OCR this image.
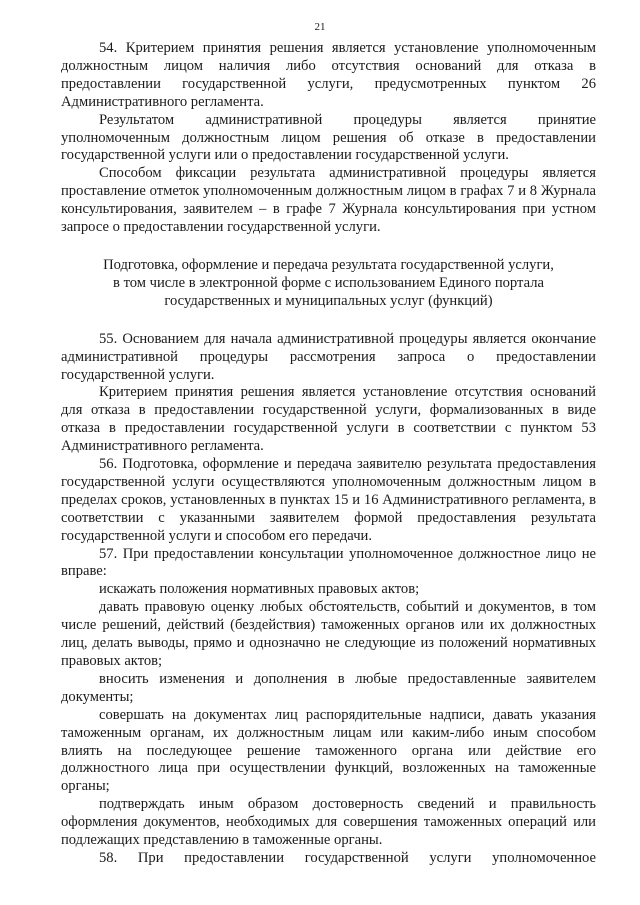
21

54. Критерием принятия решения является установление уполномоченным должностным лицом наличия либо отсутствия оснований для отказа в предоставлении государственной услуги, предусмотренных пунктом 26 Административного регламента.

Результатом административной процедуры является принятие уполномоченным должностным лицом решения об отказе в предоставлении государственной услуги или о предоставлении государственной услуги.

Способом фиксации результата административной процедуры является проставление отметок уполномоченным должностным лицом в графах 7 и 8 Журнала консультирования, заявителем – в графе 7 Журнала консультирования при устном запросе о предоставлении государственной услуги.

Подготовка, оформление и передача результата государственной услуги,
в том числе в электронной форме с использованием Единого портала
государственных и муниципальных услуг (функций)

55. Основанием для начала административной процедуры является окончание административной процедуры рассмотрения запроса о предоставлении государственной услуги.

Критерием принятия решения является установление отсутствия оснований для отказа в предоставлении государственной услуги, формализованных в виде отказа в предоставлении государственной услуги в соответствии с пунктом 53 Административного регламента.

56. Подготовка, оформление и передача заявителю результата предоставления государственной услуги осуществляются уполномоченным должностным лицом в пределах сроков, установленных в пунктах 15 и 16 Административного регламента, в соответствии с указанными заявителем формой предоставления результата государственной услуги и способом его передачи.

57. При предоставлении консультации уполномоченное должностное лицо не вправе:

искажать положения нормативных правовых актов;

давать правовую оценку любых обстоятельств, событий и документов, в том числе решений, действий (бездействия) таможенных органов или их должностных лиц, делать выводы, прямо и однозначно не следующие из положений нормативных правовых актов;

вносить изменения и дополнения в любые предоставленные заявителем документы;

совершать на документах лиц распорядительные надписи, давать указания таможенным органам, их должностным лицам или каким-либо иным способом влиять на последующее решение таможенного органа или действие его должностного лица при осуществлении функций, возложенных на таможенные органы;

подтверждать иным образом достоверность сведений и правильность оформления документов, необходимых для совершения таможенных операций или подлежащих представлению в таможенные органы.

58. При предоставлении государственной услуги уполномоченное
